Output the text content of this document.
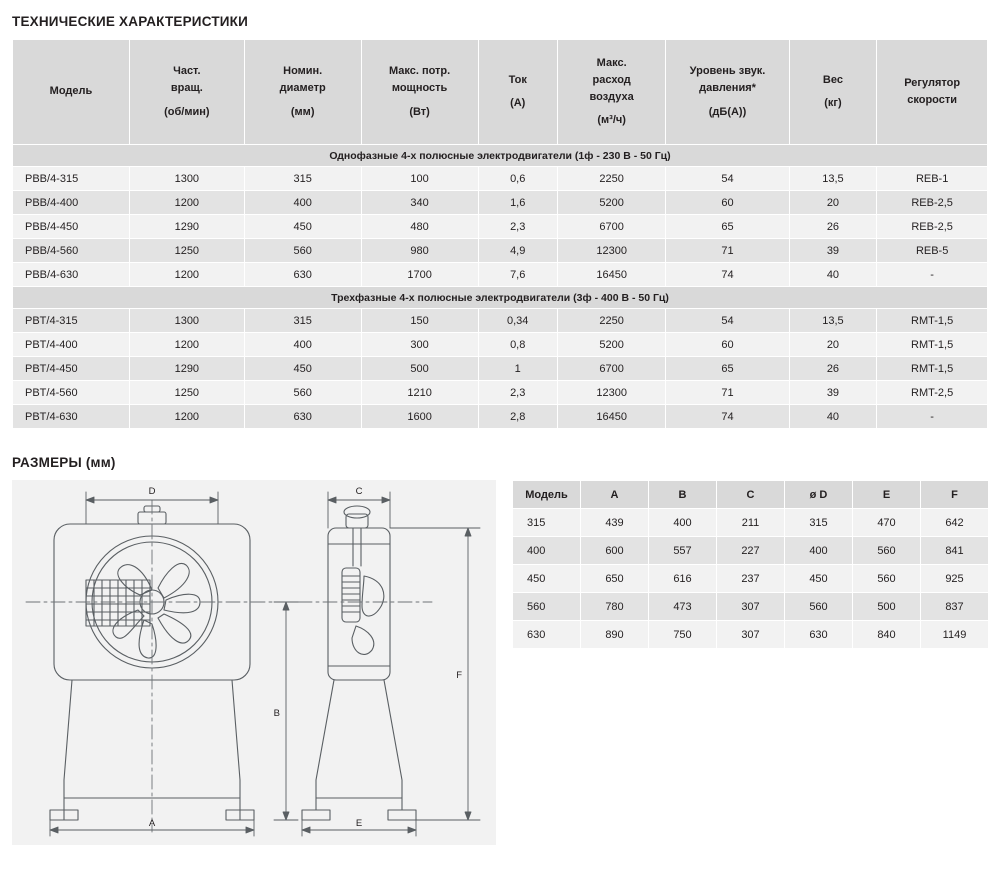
ТЕХНИЧЕСКИЕ ХАРАКТЕРИСТИКИ
Модель	Част.
вращ.
(об/мин)	Номин.
диаметр
(мм)	Макс. потр.
мощность
(Вт)	Ток
(А)	Макс.
расход
воздуха
(м³/ч)	Уровень звук.
давления*
(дБ(А))	Вес
(кг)	Регулятор
скорости

Однофазные 4-х полюсные электродвигатели (1ф - 230 В - 50 Гц)								
PBB/4-315	1300	315	100	0,6	2250	54	13,5	REB-1
PBB/4-400	1200	400	340	1,6	5200	60	20	REB-2,5
PBB/4-450	1290	450	480	2,3	6700	65	26	REB-2,5
PBB/4-560	1250	560	980	4,9	12300	71	39	REB-5
PBB/4-630	1200	630	1700	7,6	16450	74	40	-
Трехфазные 4-х полюсные электродвигатели (3ф - 400 В - 50 Гц)								
PBT/4-315	1300	315	150	0,34	2250	54	13,5	RMT-1,5
PBT/4-400	1200	400	300	0,8	5200	60	20	RMT-1,5
PBT/4-450	1290	450	500	1	6700	65	26	RMT-1,5
PBT/4-560	1250	560	1210	2,3	12300	71	39	RMT-2,5
PBT/4-630	1200	630	1600	2,8	16450	74	40	-
РАЗМЕРЫ (мм)
D
A
C
E
B
F
Модель	A	B	C	ø D	E	F
315	439	400	211	315	470	642
400	600	557	227	400	560	841
450	650	616	237	450	560	925
560	780	473	307	560	500	837
630	890	750	307	630	840	1149
